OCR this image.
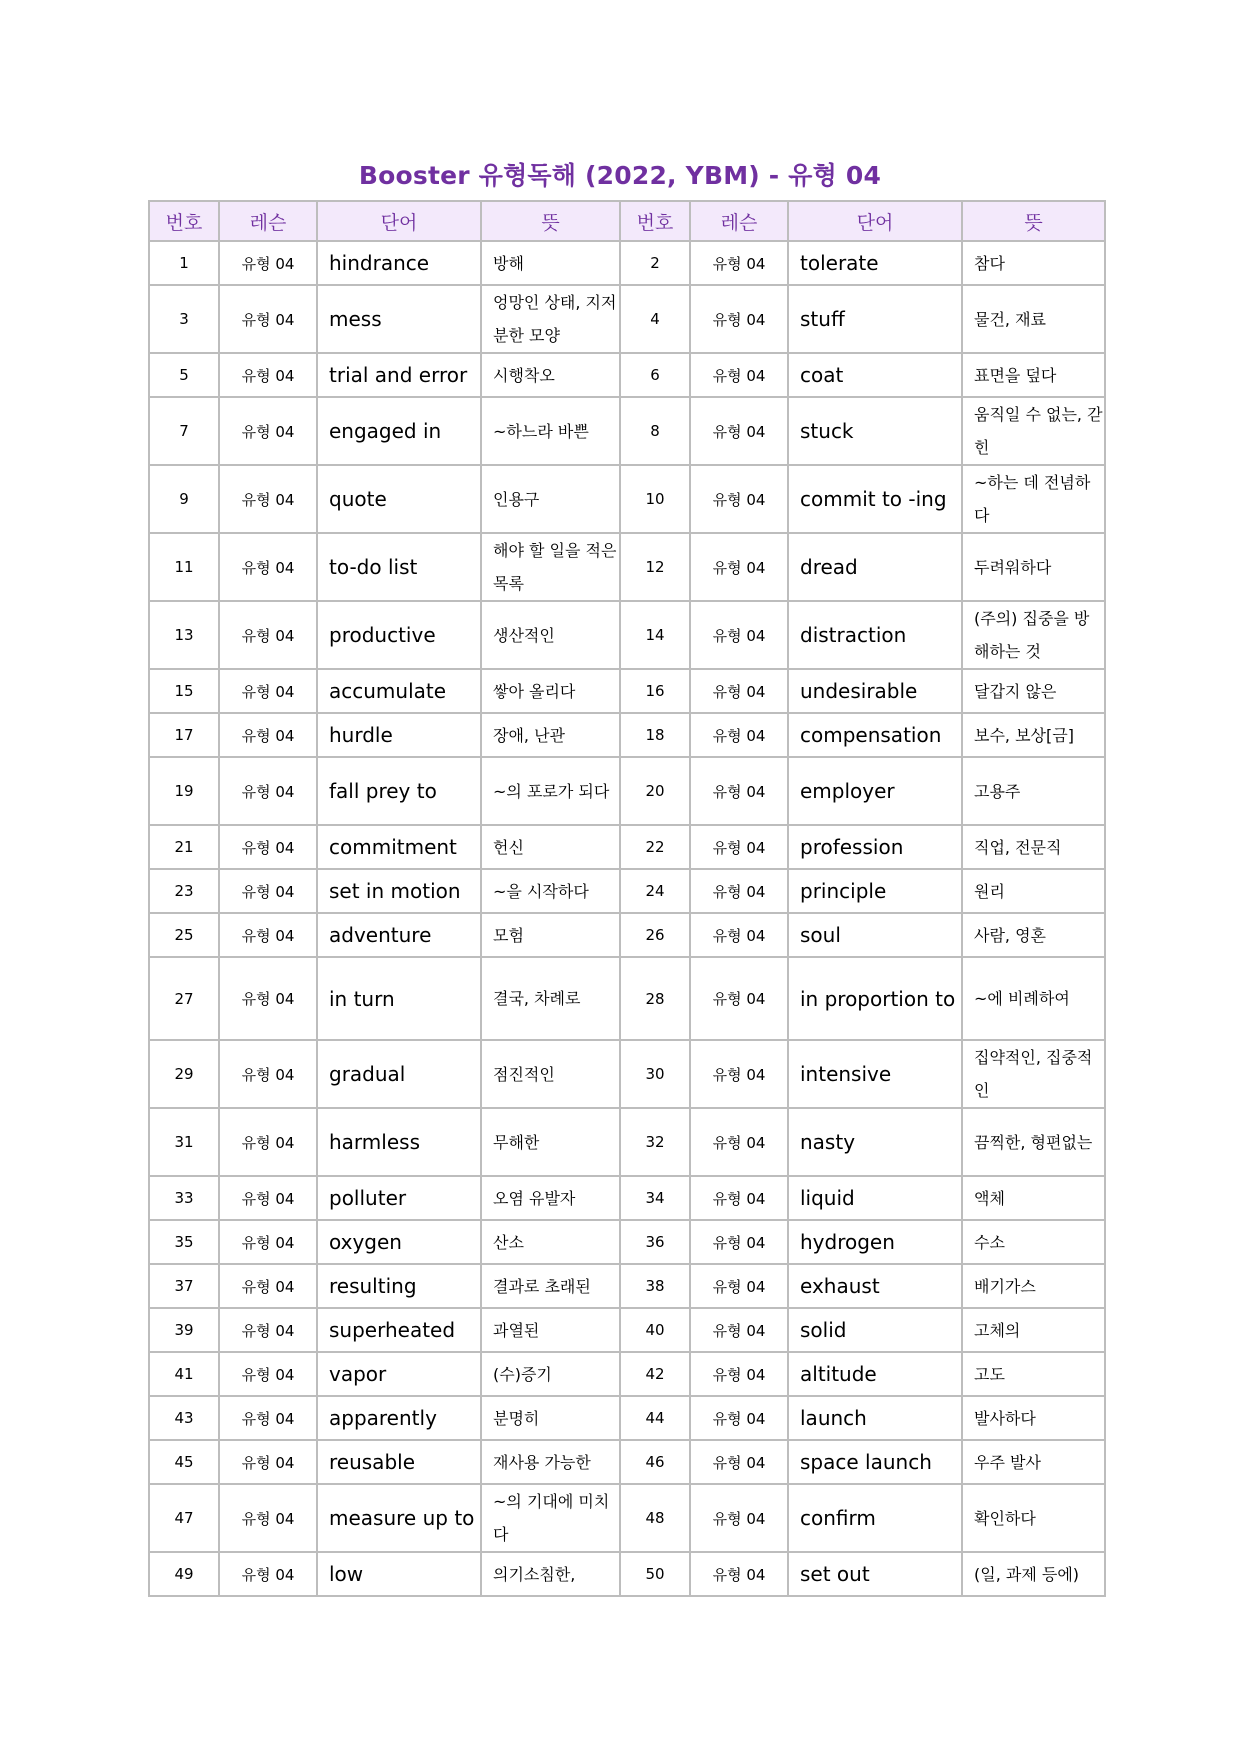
Booster 유형독해 (2022, YBM) - 유형 04
번호	레슨	단어	뜻	번호	레슨	단어	뜻
1	유형 04	hindrance	방해	2	유형 04	tolerate	참다
3	유형 04	mess	엉망인 상태, 지저분한 모양	4	유형 04	stuff	물건, 재료
5	유형 04	trial and error	시행착오	6	유형 04	coat	표면을 덮다
7	유형 04	engaged in	~하느라 바쁜	8	유형 04	stuck	움직일 수 없는, 갇힌
9	유형 04	quote	인용구	10	유형 04	commit to -ing	~하는 데 전념하다
11	유형 04	to-do list	해야 할 일을 적은 목록	12	유형 04	dread	두려워하다
13	유형 04	productive	생산적인	14	유형 04	distraction	(주의) 집중을 방해하는 것
15	유형 04	accumulate	쌓아 올리다	16	유형 04	undesirable	달갑지 않은
17	유형 04	hurdle	장애, 난관	18	유형 04	compensation	보수, 보상[금]
19	유형 04	fall prey to	~의 포로가 되다	20	유형 04	employer	고용주
21	유형 04	commitment	헌신	22	유형 04	profession	직업, 전문직
23	유형 04	set in motion	~을 시작하다	24	유형 04	principle	원리
25	유형 04	adventure	모험	26	유형 04	soul	사람, 영혼
27	유형 04	in turn	결국, 차례로	28	유형 04	in proportion to	~에 비례하여
29	유형 04	gradual	점진적인	30	유형 04	intensive	집약적인, 집중적인
31	유형 04	harmless	무해한	32	유형 04	nasty	끔찍한, 형편없는
33	유형 04	polluter	오염 유발자	34	유형 04	liquid	액체
35	유형 04	oxygen	산소	36	유형 04	hydrogen	수소
37	유형 04	resulting	결과로 초래된	38	유형 04	exhaust	배기가스
39	유형 04	superheated	과열된	40	유형 04	solid	고체의
41	유형 04	vapor	(수)증기	42	유형 04	altitude	고도
43	유형 04	apparently	분명히	44	유형 04	launch	발사하다
45	유형 04	reusable	재사용 가능한	46	유형 04	space launch	우주 발사
47	유형 04	measure up to	~의 기대에 미치다	48	유형 04	confirm	확인하다
49	유형 04	low	의기소침한,	50	유형 04	set out	(일, 과제 등에)
